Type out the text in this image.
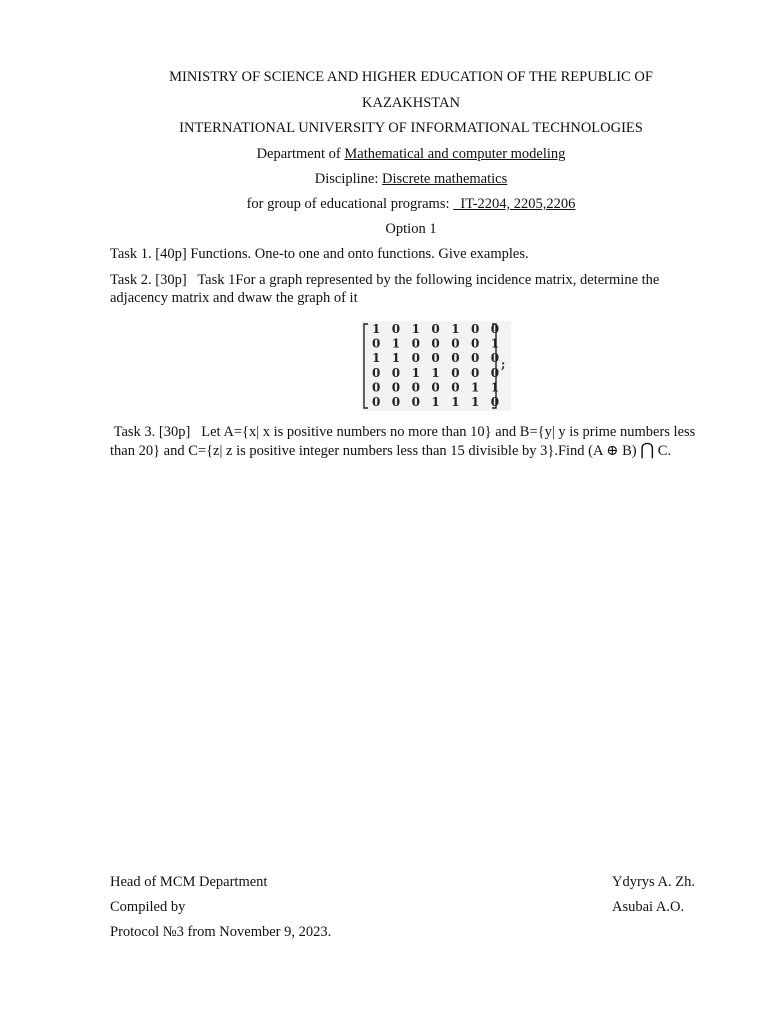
MINISTRY OF SCIENCE AND HIGHER EDUCATION OF THE REPUBLIC OF
KAZAKHSTAN
INTERNATIONAL UNIVERSITY OF INFORMATIONAL TECHNOLOGIES
Department of Mathematical and computer modeling
Discipline: Discrete mathematics
for group of educational programs:   IT-2204, 2205,2206
Option 1
Task 1. [40p] Functions. One-to one and onto functions. Give examples.
Task 2. [30p]   Task 1For a graph represented by the following incidence matrix, determine the adjacency matrix and dwaw the graph of it
1 0 1 0 1 0 0
0 1 0 0 0 0 1
1 1 0 0 0 0 0
0 0 1 1 0 0 0
0 0 0 0 0 1 1
0 0 0 1 1 1 0
;
Task 3. [30p]   Let A={x| x is positive numbers no more than 10} and B={y| y is prime numbers less than 20} and C={z| z is positive integer numbers less than 15 divisible by 3}.Find (A ⊕ B) ⋂ C.
Head of MCM Department	Ydyrys A. Zh.
Compiled by	Asubai A.O.
Protocol №3 from November 9, 2023.
